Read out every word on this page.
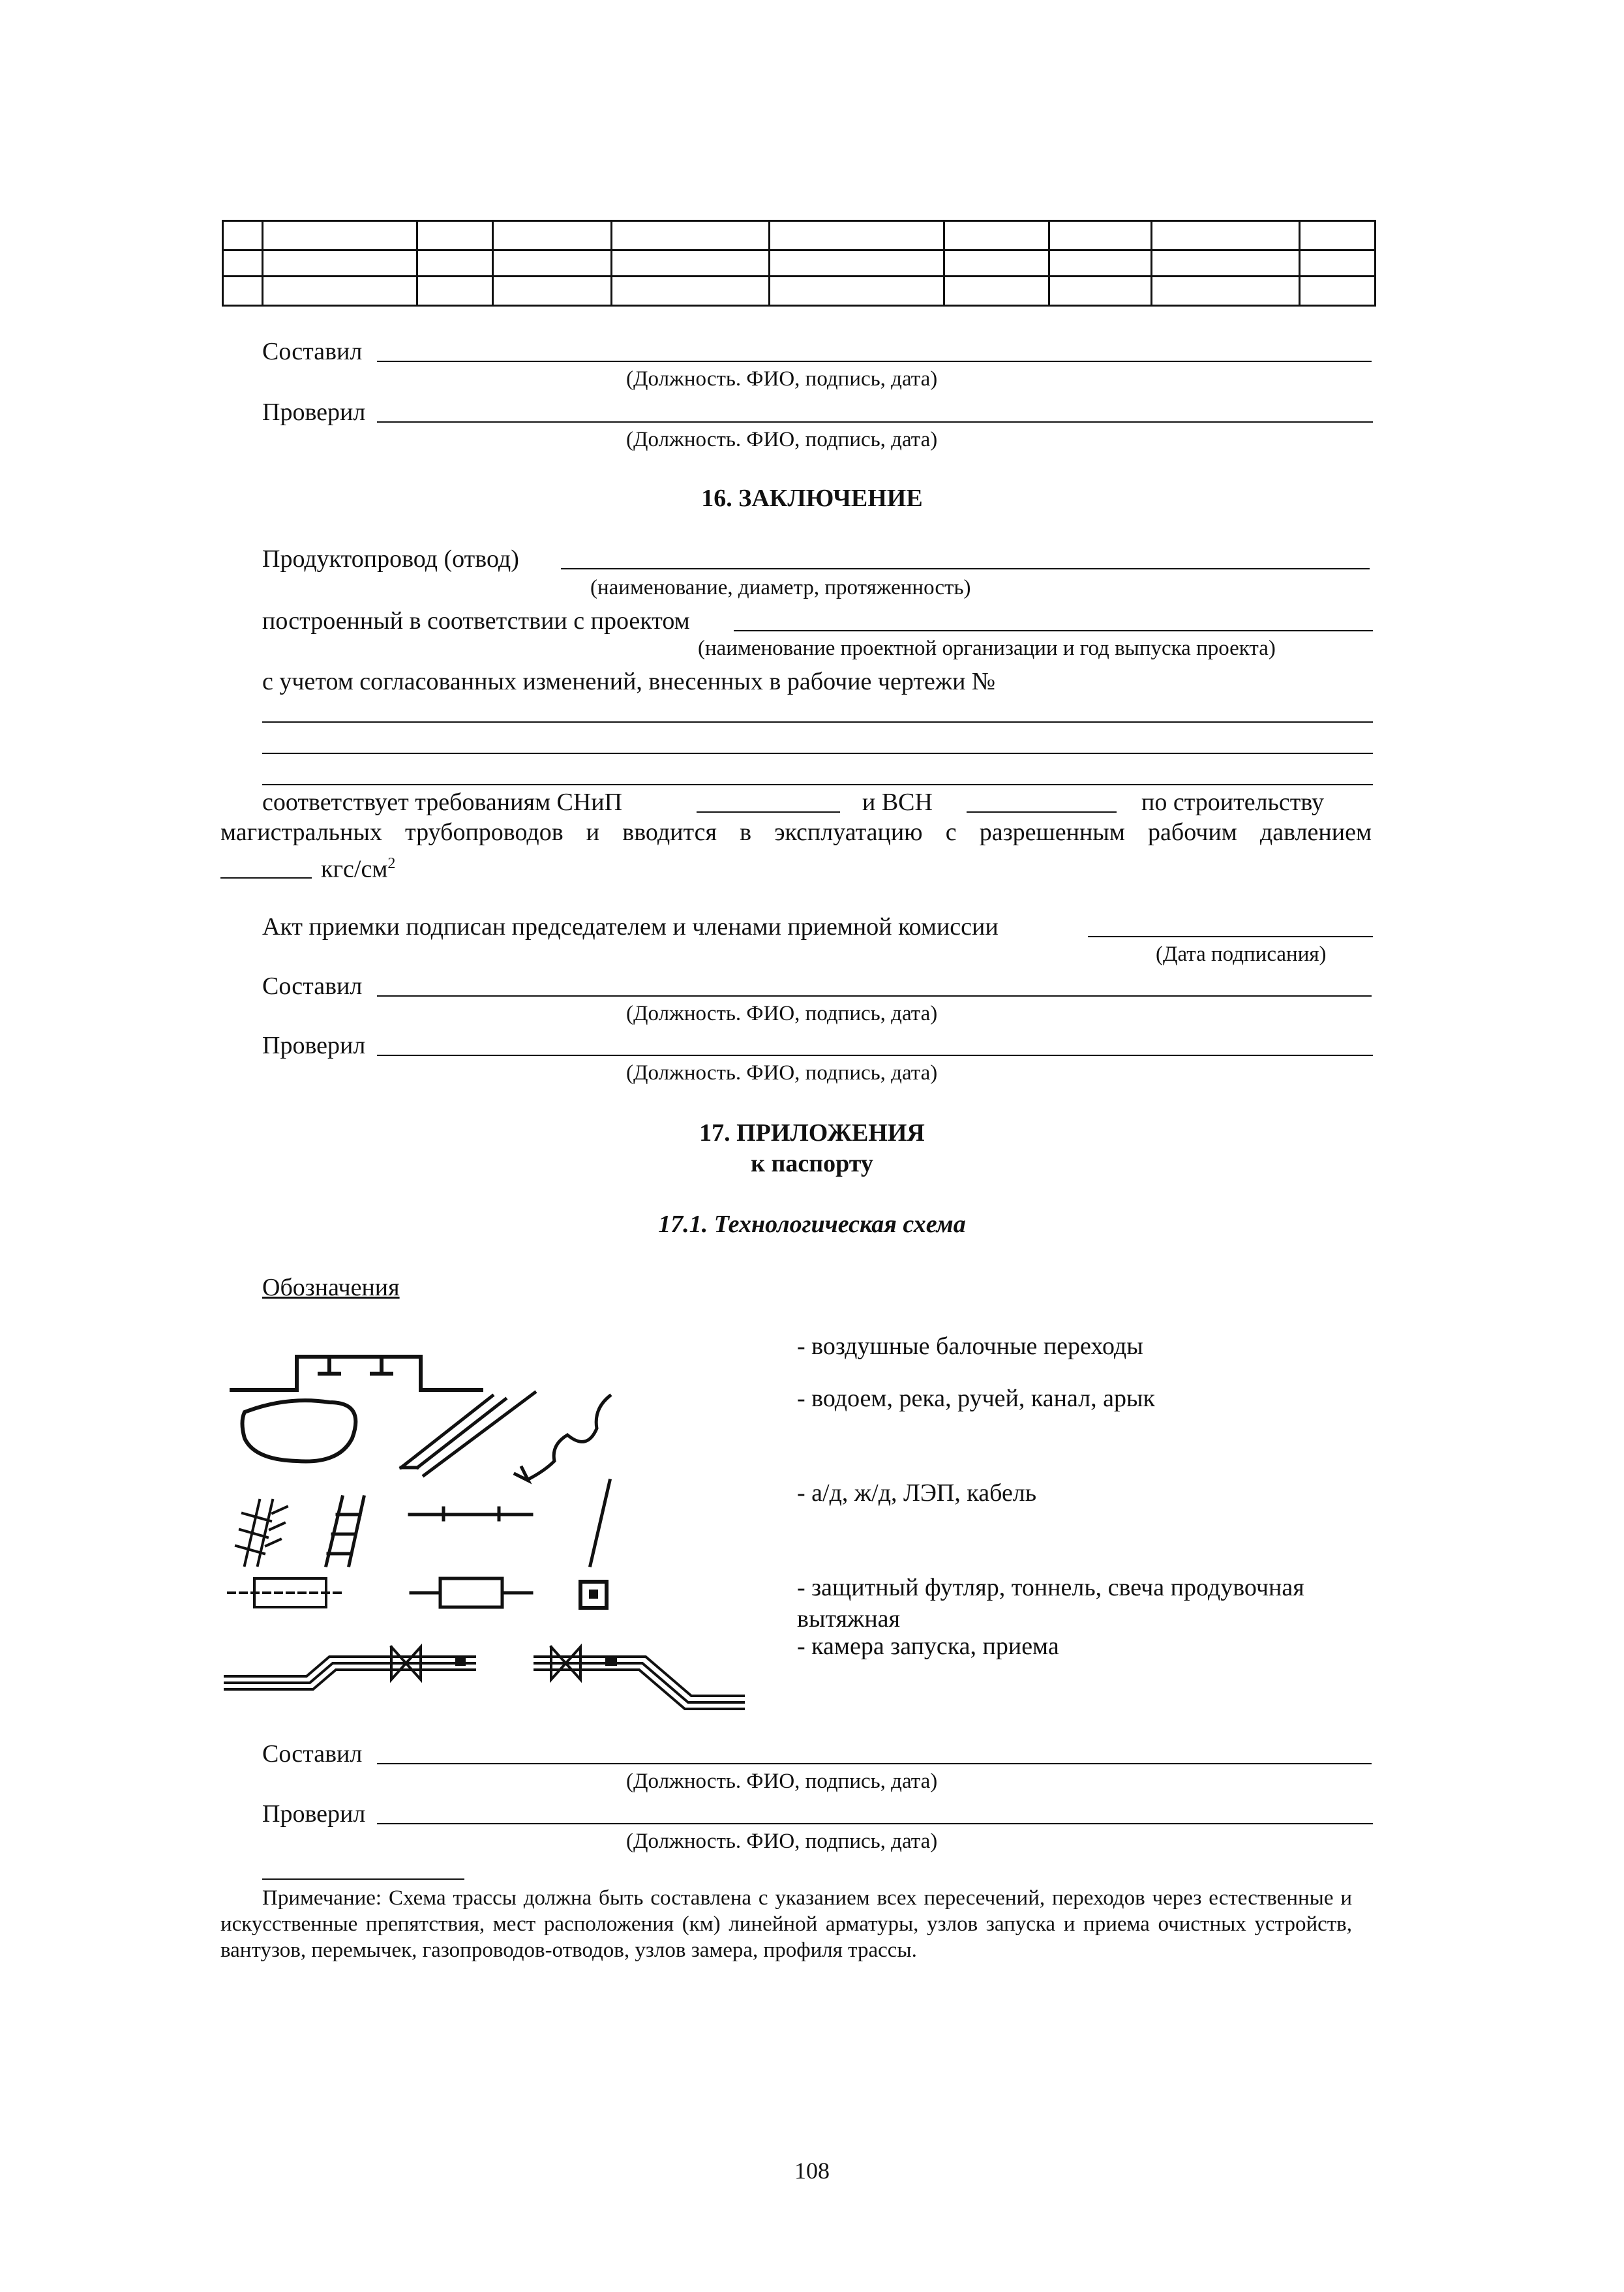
Составил
(Должность. ФИО, подпись, дата)
Проверил
(Должность. ФИО, подпись, дата)
16. ЗАКЛЮЧЕНИЕ
Продуктопровод (отвод)
(наименование, диаметр, протяженность)
построенный в соответствии с проектом
(наименование проектной организации и год выпуска проекта)
с учетом согласованных изменений, внесенных в рабочие чертежи №
соответствует требованиям СНиП	и ВСН	по строительству
магистральных трубопроводов и вводится в эксплуатацию с разрешенным рабочим давлением
кгс/$см^2$
Акт приемки подписан председателем и членами приемной комиссии
(Дата подписания)
Составил
(Должность. ФИО, подпись, дата)
Проверил
(Должность. ФИО, подпись, дата)
17. ПРИЛОЖЕНИЯ
к паспорту
17.1. Технологическая схема
Обозначения
- воздушные балочные переходы
- водоем, река, ручей, канал, арык
- а/д, ж/д, ЛЭП, кабель
- защитный футляр, тоннель, свеча продувочная вытяжная
- камера запуска, приема
Составил
(Должность. ФИО, подпись, дата)
Проверил
(Должность. ФИО, подпись, дата)
Примечание: Схема трассы должна быть составлена с указанием всех пересечений, переходов через естественные и искусственные препятствия, мест расположения (км) линейной арматуры, узлов запуска и приема очистных устройств, вантузов, перемычек, газопроводов-отводов, узлов замера, профиля трассы.
108
